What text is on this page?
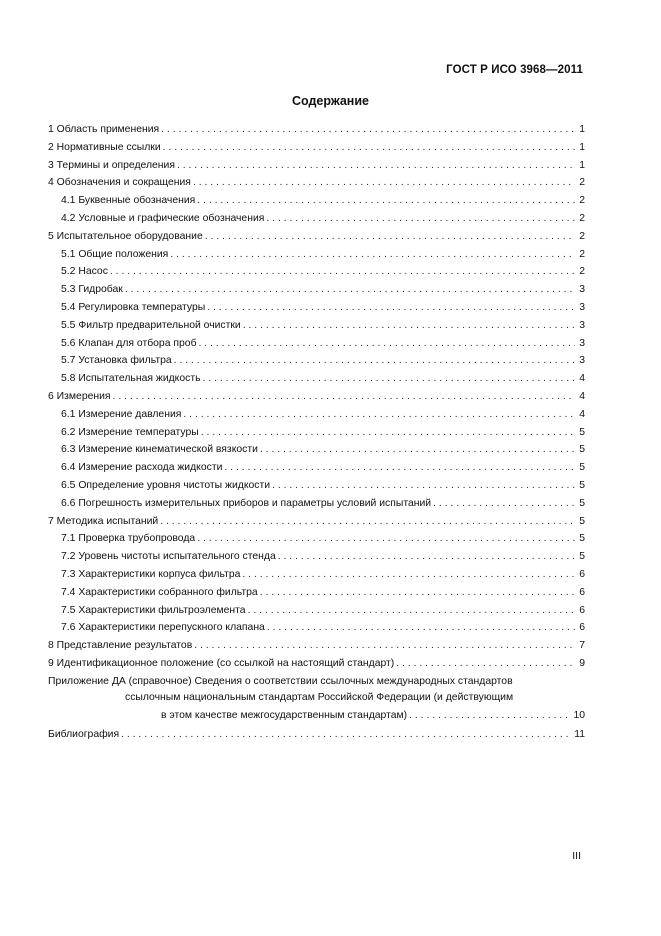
ГОСТ Р ИСО 3968—2011
Содержание
1 Область применения . . .	1
2 Нормативные ссылки . . .	1
3 Термины и определения . . .	1
4 Обозначения и сокращения . . .	2
4.1 Буквенные обозначения . . .	2
4.2 Условные и графические обозначения . . .	2
5 Испытательное оборудование . . .	2
5.1 Общие положения . . .	2
5.2 Насос . . .	2
5.3 Гидробак . . .	3
5.4 Регулировка температуры . . .	3
5.5 Фильтр предварительной очистки . . .	3
5.6 Клапан для отбора проб . . .	3
5.7 Установка фильтра . . .	3
5.8 Испытательная жидкость . . .	4
6 Измерения . . .	4
6.1 Измерение давления . . .	4
6.2 Измерение температуры . . .	5
6.3 Измерение кинематической вязкости . . .	5
6.4 Измерение расхода жидкости . . .	5
6.5 Определение уровня чистоты жидкости . . .	5
6.6 Погрешность измерительных приборов и параметры условий испытаний . . .	5
7 Методика испытаний . . .	5
7.1 Проверка трубопровода . . .	5
7.2 Уровень чистоты испытательного стенда . . .	5
7.3 Характеристики корпуса фильтра . . .	6
7.4 Характеристики собранного фильтра . . .	6
7.5 Характеристики фильтроэлемента . . .	6
7.6 Характеристики перепускного клапана . . .	6
8 Представление результатов . . .	7
9 Идентификационное положение (со ссылкой на настоящий стандарт) . . .	9
Приложение ДА (справочное) Сведения о соответствии ссылочных международных стандартов
ссылочным национальным стандартам Российской Федерации (и действующим
в этом качестве межгосударственным стандартам) . . .	10
Библиография . . .	11
III
